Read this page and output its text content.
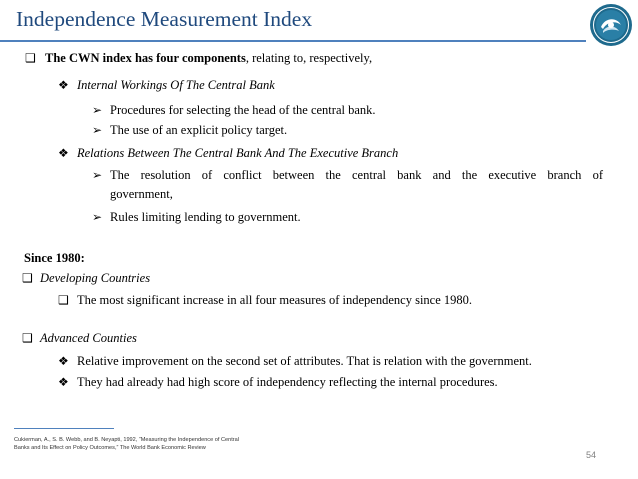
Independence Measurement Index
❑ The CWN index has four components, relating to, respectively,
❖ Internal Workings Of The Central Bank
➢ Procedures for selecting the head of the central bank.
➢ The use of an explicit policy target.
❖ Relations Between The Central Bank And The Executive Branch
➢ The resolution of conflict between the central bank and the executive branch of
government,
➢ Rules limiting lending to government.
Since 1980:
❑ Developing Countries
❑ The most significant increase in all four measures of independency since 1980.
❑ Advanced Counties
❖ Relative improvement on the second set of attributes. That is relation with the government.
❖ They had already had high score of independency reflecting the internal procedures.
Cukierman, A., S. B. Webb, and B. Neyapti, 1992, “Measuring the Independence of Central
Banks and Its Effect on Policy Outcomes,” The World Bank Economic Review
54
